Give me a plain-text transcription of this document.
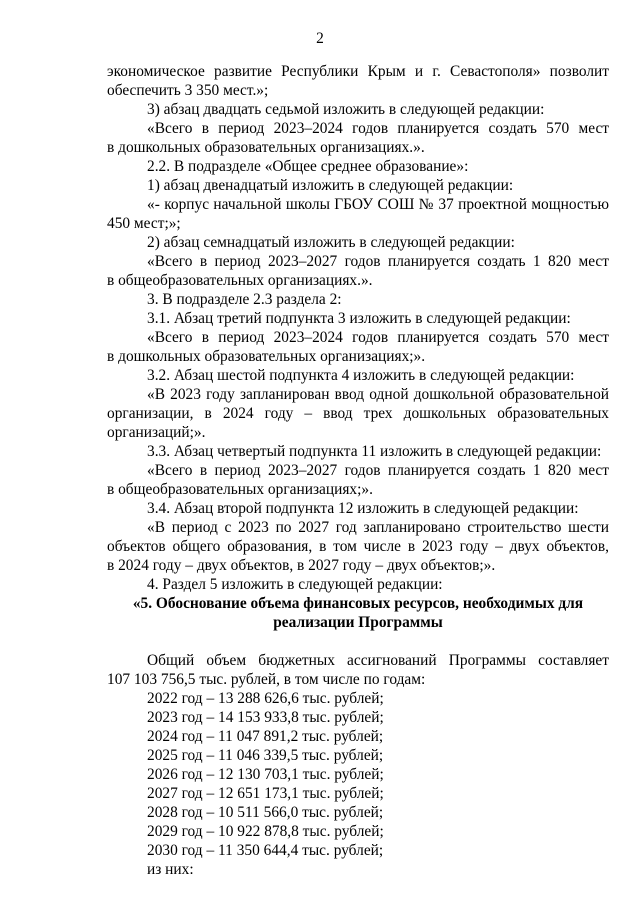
2
экономическое развитие Республики Крым и г. Севастополя» позволит
обеспечить 3 350 мест.»;
3) абзац двадцать седьмой изложить в следующей редакции:
«Всего в период 2023–2024 годов планируется создать 570 мест
в дошкольных образовательных организациях.».
2.2. В подразделе «Общее среднее образование»:
1) абзац двенадцатый изложить в следующей редакции:
«- корпус начальной школы ГБОУ СОШ № 37 проектной мощностью
450 мест;»;
2) абзац семнадцатый изложить в следующей редакции:
«Всего в период 2023–2027 годов планируется создать 1 820 мест
в общеобразовательных организациях.».
3. В подразделе 2.3 раздела 2:
3.1. Абзац третий подпункта 3 изложить в следующей редакции:
«Всего в период 2023–2024 годов планируется создать 570 мест
в дошкольных образовательных организациях;».
3.2. Абзац шестой подпункта 4 изложить в следующей редакции:
«В 2023 году запланирован ввод одной дошкольной образовательной
организации, в 2024 году – ввод трех дошкольных образовательных
организаций;».
3.3. Абзац четвертый подпункта 11 изложить в следующей редакции:
«Всего в период 2023–2027 годов планируется создать 1 820 мест
в общеобразовательных организациях;».
3.4. Абзац второй подпункта 12 изложить в следующей редакции:
«В период с 2023 по 2027 год запланировано строительство шести
объектов общего образования, в том числе в 2023 году – двух объектов,
в 2024 году – двух объектов, в 2027 году – двух объектов;».
4. Раздел 5 изложить в следующей редакции:
«5. Обоснование объема финансовых ресурсов, необходимых для
реализации Программы
Общий объем бюджетных ассигнований Программы составляет
107 103 756,5 тыс. рублей, в том числе по годам:
2022 год – 13 288 626,6 тыс. рублей;
2023 год – 14 153 933,8 тыс. рублей;
2024 год – 11 047 891,2 тыс. рублей;
2025 год – 11 046 339,5 тыс. рублей;
2026 год – 12 130 703,1 тыс. рублей;
2027 год – 12 651 173,1 тыс. рублей;
2028 год – 10 511 566,0 тыс. рублей;
2029 год – 10 922 878,8 тыс. рублей;
2030 год – 11 350 644,4 тыс. рублей;
из них:
